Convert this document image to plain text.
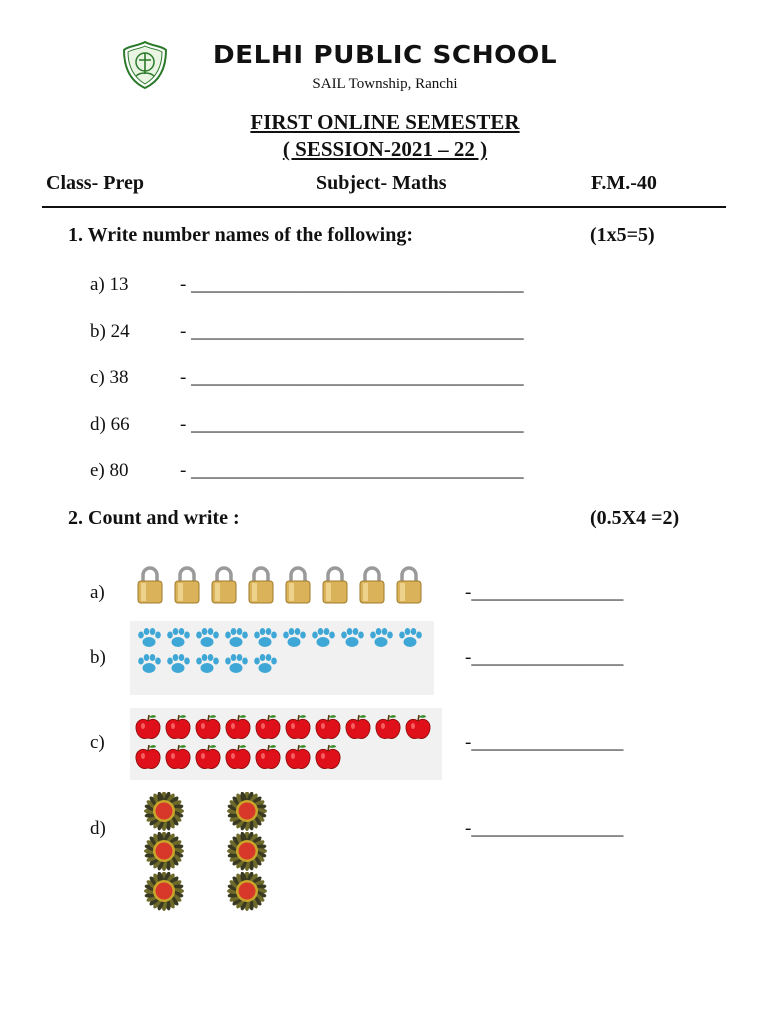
DELHI PUBLIC SCHOOL
SAIL Township, Ranchi
FIRST ONLINE SEMESTER
( SESSION-2021 – 22 )
Class- Prep	Subject- Maths	F.M.-40
1. Write number names of the following:	(1x5=5)
a) 13	- ___________________________________
b) 24	- ___________________________________
c) 38	- ___________________________________
d) 66	- ___________________________________
e) 80	- ___________________________________
2. Count and write :	(0.5X4 =2)
a)	-________________
b)	-________________
c)	-________________
d)	-________________
